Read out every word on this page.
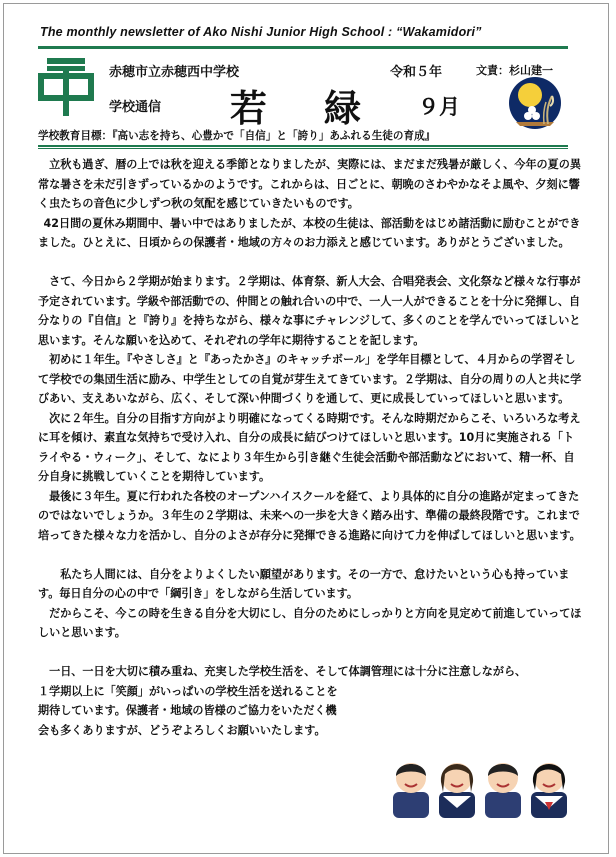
The monthly newsletter of Ako Nishi Junior High School : “Wakamidori”
赤穂市立赤穂西中学校	令和５年	文責：杉山建一
学校通信 若 緑 ９月
学校教育目標：『高い志を持ち、心豊かで「自信」と「誇り」あふれる生徒の育成』

立秋も過ぎ、暦の上では秋を迎える季節となりましたが、実際には、まだまだ残暑が厳しく、今年の夏の異常な暑さを未だ引きずっているかのようです。これからは、日ごとに、朝晩のさわやかなそよ風や、夕刻に響く虫たちの音色に少しずつ秋の気配を感じていきたいものです。

42日間の夏休み期間中、暑い中ではありましたが、本校の生徒は、部活動をはじめ諸活動に励むことができました。ひとえに、日頃からの保護者・地域の方々のお力添えと感じています。ありがとうございました。

さて、今日から２学期が始まります。２学期は、体育祭、新人大会、合唱発表会、文化祭など様々な行事が予定されています。学級や部活動での、仲間との触れ合いの中で、一人一人ができることを十分に発揮し、自分なりの『自信』と『誇り』を持ちながら、様々な事にチャレンジして、多くのことを学んでいってほしいと思います。そんな願いを込めて、それぞれの学年に期待することを記します。

初めに１年生。『やさしさ』と『あったかさ』のキャッチボール」を学年目標として、４月からの学習そして学校での集団生活に励み、中学生としての自覚が芽生えてきています。２学期は、自分の周りの人と共に学びあい、支えあいながら、広く、そして深い仲間づくりを通して、更に成長していってほしいと思います。

次に２年生。自分の目指す方向がより明確になってくる時期です。そんな時期だからこそ、いろいろな考えに耳を傾け、素直な気持ちで受け入れ、自分の成長に結びつけてほしいと思います。10月に実施される「トライやる・ウィーク」、そして、なにより３年生から引き継ぐ生徒会活動や部活動などにおいて、精一杯、自分自身に挑戦していくことを期待しています。

最後に３年生。夏に行われた各校のオープンハイスクールを経て、より具体的に自分の進路が定まってきたのではないでしょうか。３年生の２学期は、未来への一歩を大きく踏み出す、準備の最終段階です。これまで培ってきた様々な力を活かし、自分のよさが存分に発揮できる進路に向けて力を伸ばしてほしいと思います。

私たち人間には、自分をよりよくしたい願望があります。その一方で、怠けたいという心も持っています。毎日自分の心の中で「綱引き」をしながら生活しています。

だからこそ、今この時を生きる自分を大切にし、自分のためにしっかりと方向を見定めて前進していってほしいと思います。

一日、一日を大切に積み重ね、充実した学校生活を、そして体調管理には十分に注意しながら、

１学期以上に「笑顔」がいっぱいの学校生活を送れることを

期待しています。保護者・地域の皆様のご協力をいただく機

会も多くありますが、どうぞよろしくお願いいたします。
